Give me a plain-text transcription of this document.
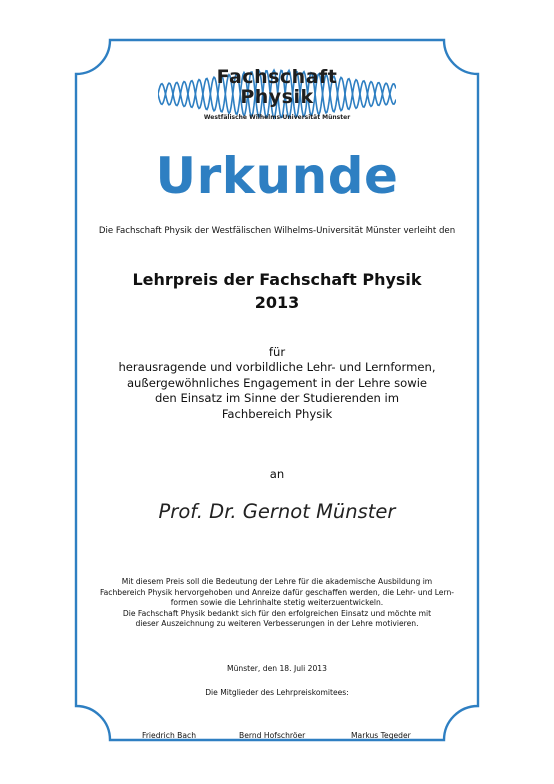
Fachschaft
Physik
Westfälische Wilhelms-Universität Münster
Urkunde
Die Fachschaft Physik der Westfälischen Wilhelms-Universität Münster verleiht den
Lehrpreis der Fachschaft Physik
2013
für
herausragende und vorbildliche Lehr- und Lernformen,
außergewöhnliches Engagement in der Lehre sowie
den Einsatz im Sinne der Studierenden im
Fachbereich Physik
an
Prof. Dr. Gernot Münster
Mit diesem Preis soll die Bedeutung der Lehre für die akademische Ausbildung im
Fachbereich Physik hervorgehoben und Anreize dafür geschaffen werden, die Lehr- und Lern-
formen sowie die Lehrinhalte stetig weiterzuentwickeln.
Die Fachschaft Physik bedankt sich für den erfolgreichen Einsatz und möchte mit
dieser Auszeichnung zu weiteren Verbesserungen in der Lehre motivieren.
Münster, den 18. Juli 2013
Die Mitglieder des Lehrpreiskomitees:
Friedrich Bach	Bernd Hofschröer	Markus Tegeder
